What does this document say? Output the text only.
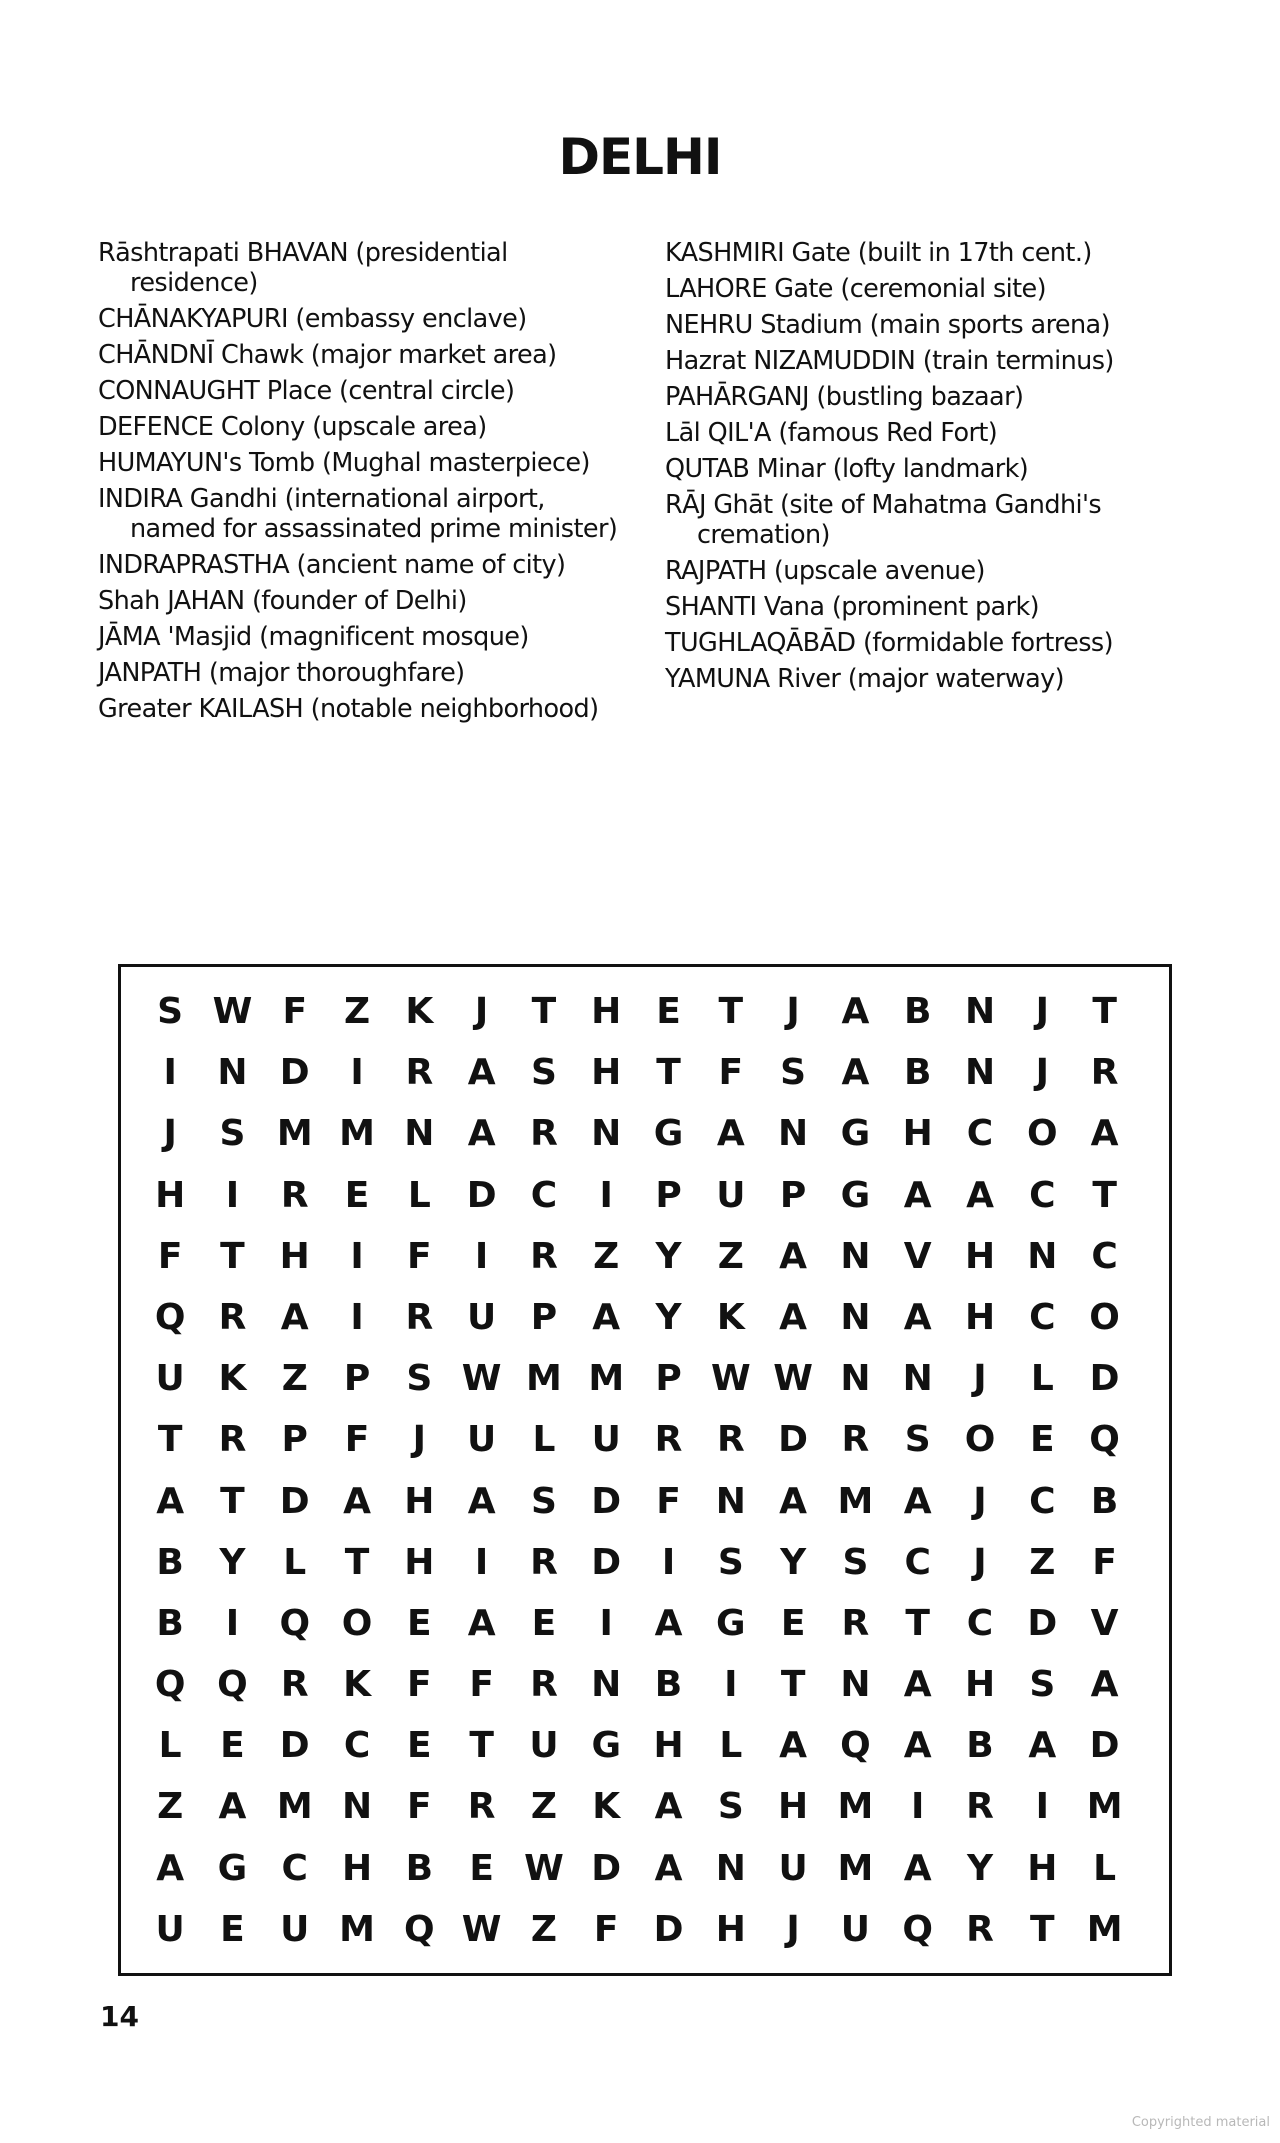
DELHI

Rāshtrapati BHAVAN (presidential residence)

CHĀNAKYAPURI (embassy enclave)

CHĀNDNĪ Chawk (major market area)

CONNAUGHT Place (central circle)

DEFENCE Colony (upscale area)

HUMAYUN's Tomb (Mughal masterpiece)

INDIRA Gandhi (international airport, named for assassinated prime minister)

INDRAPRASTHA (ancient name of city)

Shah JAHAN (founder of Delhi)

JĀMA 'Masjid (magnificent mosque)

JANPATH (major thoroughfare)

Greater KAILASH (notable neighborhood)

KASHMIRI Gate (built in 17th cent.)

LAHORE Gate (ceremonial site)

NEHRU Stadium (main sports arena)

Hazrat NIZAMUDDIN (train terminus)

PAHĀRGANJ (bustling bazaar)

Lāl QIL'A (famous Red Fort)

QUTAB Minar (lofty landmark)

RĀJ Ghāt (site of Mahatma Gandhi's cremation)

RAJPATH (upscale avenue)

SHANTI Vana (prominent park)

TUGHLAQĀBĀD (formidable fortress)

YAMUNA River (major waterway)

S W F	Z K	J	T H E	T	J	A B N	J	T
I	N D	I	R A S H T	F	S A B N	J	R
J	S M M N A R N G A N G H C O A
H	I	R	E	L D C	I	P U P G A A C	T
F	T H	I	F	I	R Z	Y	Z A N V H N C
Q R A	I	R U P A Y K A N A H C O
U K Z	P	S W M M P W W N N	J	L D
T	R P	F	J	U	L	U R R D R S O E Q
A	T D A H A S D F N A M A	J	C B
B Y	L	T H	I	R D	I	S	Y	S	C	J	Z	F
B	I	Q O E	A	E	I	A G E	R	T	C D V
Q Q R K	F	F	R N B	I	T N A H S A
L	E D C	E	T U G H L	A Q A B A D
Z A M N F	R Z K A S H M	I	R	I	M
A G C H B	E W D A N U M A Y H L
U E U M Q W Z	F D H	J	U Q R	T M
14
Copyrighted material
